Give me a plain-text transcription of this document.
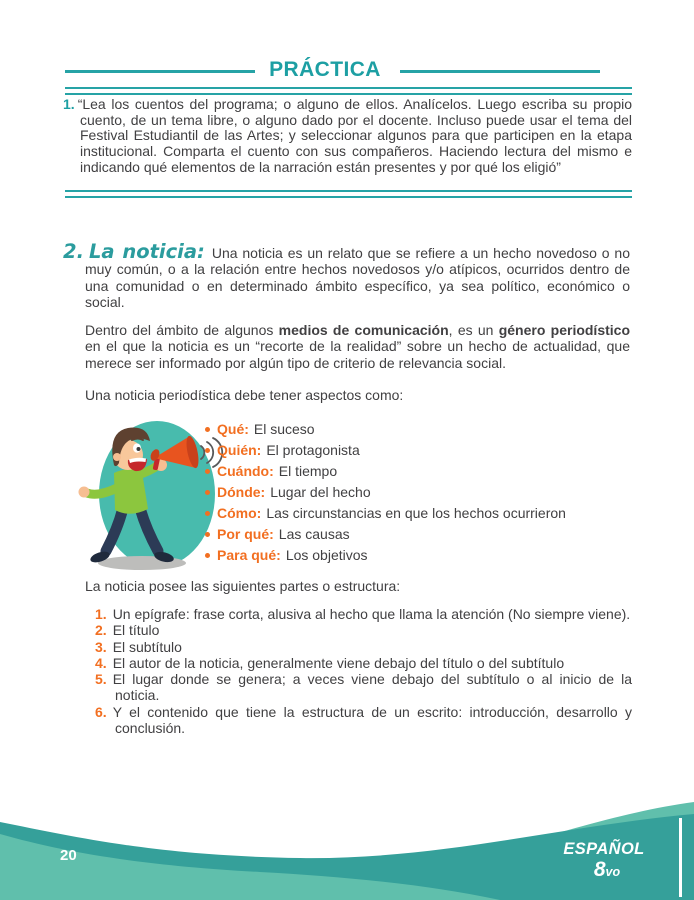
PRÁCTICA
1. “Lea los cuentos del programa; o alguno de ellos. Analícelos. Luego escriba su propio cuento, de un tema libre, o alguno dado por el docente. Incluso puede usar el tema del Festival Estudiantil de las Artes; y seleccionar algunos para que participen en la etapa institucional. Comparta el cuento con sus compañeros. Haciendo lectura del mismo e indicando qué elementos de la narración están presentes y por qué los eligió”

2. La noticia: Una noticia es un relato que se refiere a un hecho novedoso o no muy común, o a la relación entre hechos novedosos y/o atípicos, ocurridos dentro de una comunidad o en determinado ámbito específico, ya sea político, económico o social.

Dentro del ámbito de algunos medios de comunicación, es un género periodístico en el que la noticia es un “recorte de la realidad” sobre un hecho de actualidad, que merece ser informado por algún tipo de criterio de relevancia social.

Una noticia periodística debe tener aspectos como:

Qué: El suceso
Quién: El protagonista
Cuándo: El tiempo
Dónde: Lugar del hecho
Cómo: Las circunstancias en que los hechos ocurrieron
Por qué: Las causas
Para qué: Los objetivos

La noticia posee las siguientes partes o estructura:

1. Un epígrafe: frase corta, alusiva al hecho que llama la atención (No siempre viene).
2. El título
3. El subtítulo
4. El autor de la noticia, generalmente viene debajo del título o del subtítulo
5. El lugar donde se genera; a veces viene debajo del subtítulo o al inicio de la noticia.
6. Y el contenido que tiene la estructura de un escrito: introducción, desarrollo y conclusión.
20	ESPAÑOL
8vo
